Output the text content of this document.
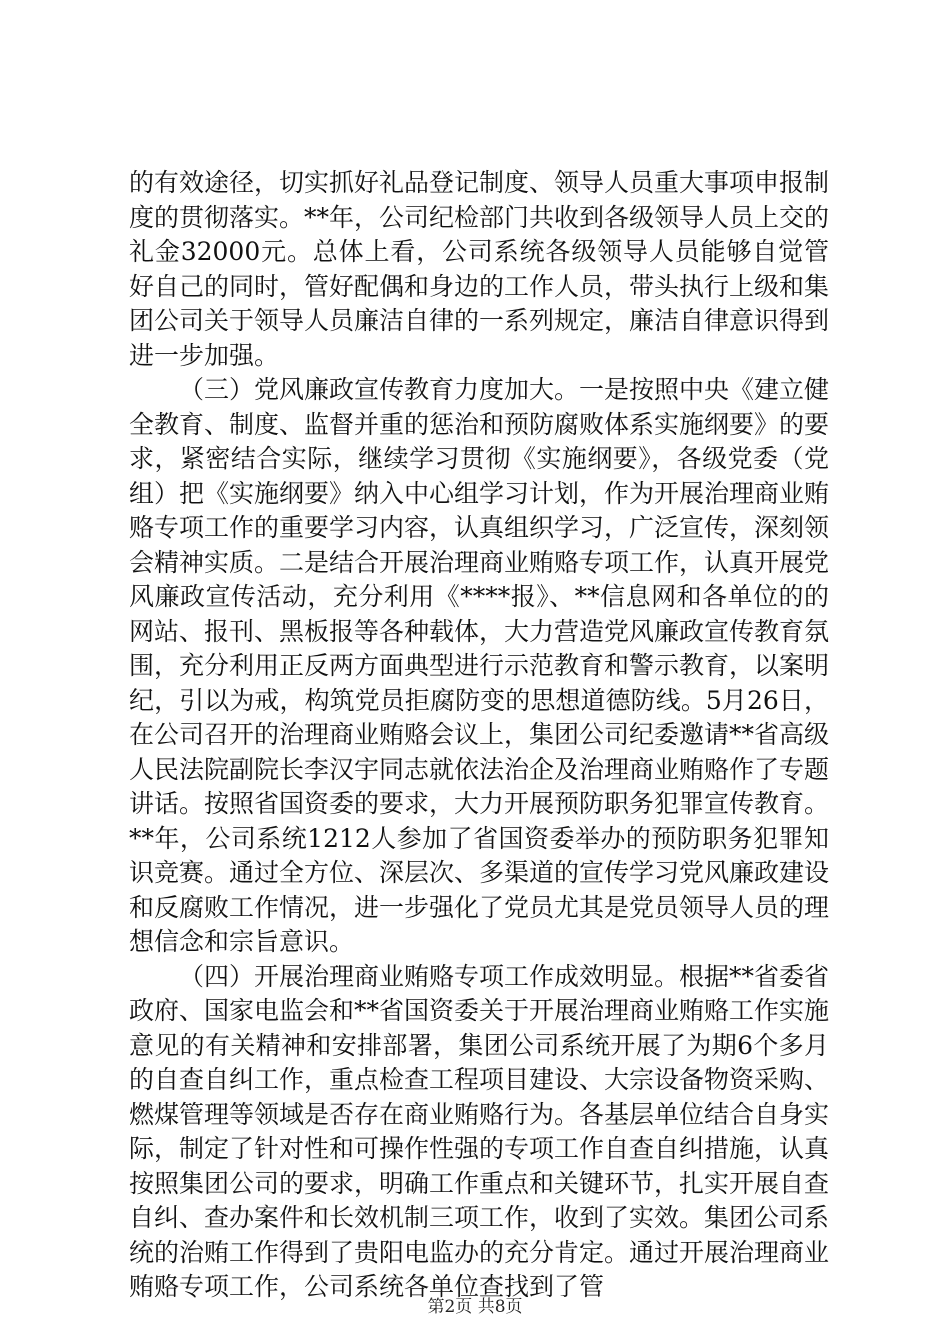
的有效途径，切实抓好礼品登记制度、领导人员重大事项申报制度的贯彻落实。**年，公司纪检部门共收到各级领导人员上交的礼金32000元。总体上看，公司系统各级领导人员能够自觉管好自己的同时，管好配偶和身边的工作人员，带头执行上级和集团公司关于领导人员廉洁自律的一系列规定，廉洁自律意识得到进一步加强。

（三）党风廉政宣传教育力度加大。一是按照中央《建立健全教育、制度、监督并重的惩治和预防腐败体系实施纲要》的要求，紧密结合实际，继续学习贯彻《实施纲要》，各级党委（党组）把《实施纲要》纳入中心组学习计划，作为开展治理商业贿赂专项工作的重要学习内容，认真组织学习，广泛宣传，深刻领会精神实质。二是结合开展治理商业贿赂专项工作，认真开展党风廉政宣传活动，充分利用《****报》、**信息网和各单位的的网站、报刊、黑板报等各种载体，大力营造党风廉政宣传教育氛围，充分利用正反两方面典型进行示范教育和警示教育，以案明纪，引以为戒，构筑党员拒腐防变的思想道德防线。5月26日，在公司召开的治理商业贿赂会议上，集团公司纪委邀请**省高级人民法院副院长李汉宇同志就依法治企及治理商业贿赂作了专题讲话。按照省国资委的要求，大力开展预防职务犯罪宣传教育。**年，公司系统1212人参加了省国资委举办的预防职务犯罪知识竞赛。通过全方位、深层次、多渠道的宣传学习党风廉政建设和反腐败工作情况，进一步强化了党员尤其是党员领导人员的理想信念和宗旨意识。

（四）开展治理商业贿赂专项工作成效明显。根据**省委省政府、国家电监会和**省国资委关于开展治理商业贿赂工作实施意见的有关精神和安排部署，集团公司系统开展了为期6个多月的自查自纠工作，重点检查工程项目建设、大宗设备物资采购、燃煤管理等领域是否存在商业贿赂行为。各基层单位结合自身实际，制定了针对性和可操作性强的专项工作自查自纠措施，认真按照集团公司的要求，明确工作重点和关键环节，扎实开展自查自纠、查办案件和长效机制三项工作，收到了实效。集团公司系统的治贿工作得到了贵阳电监办的充分肯定。通过开展治理商业贿赂专项工作，公司系统各单位查找到了管

第2页 共8页
